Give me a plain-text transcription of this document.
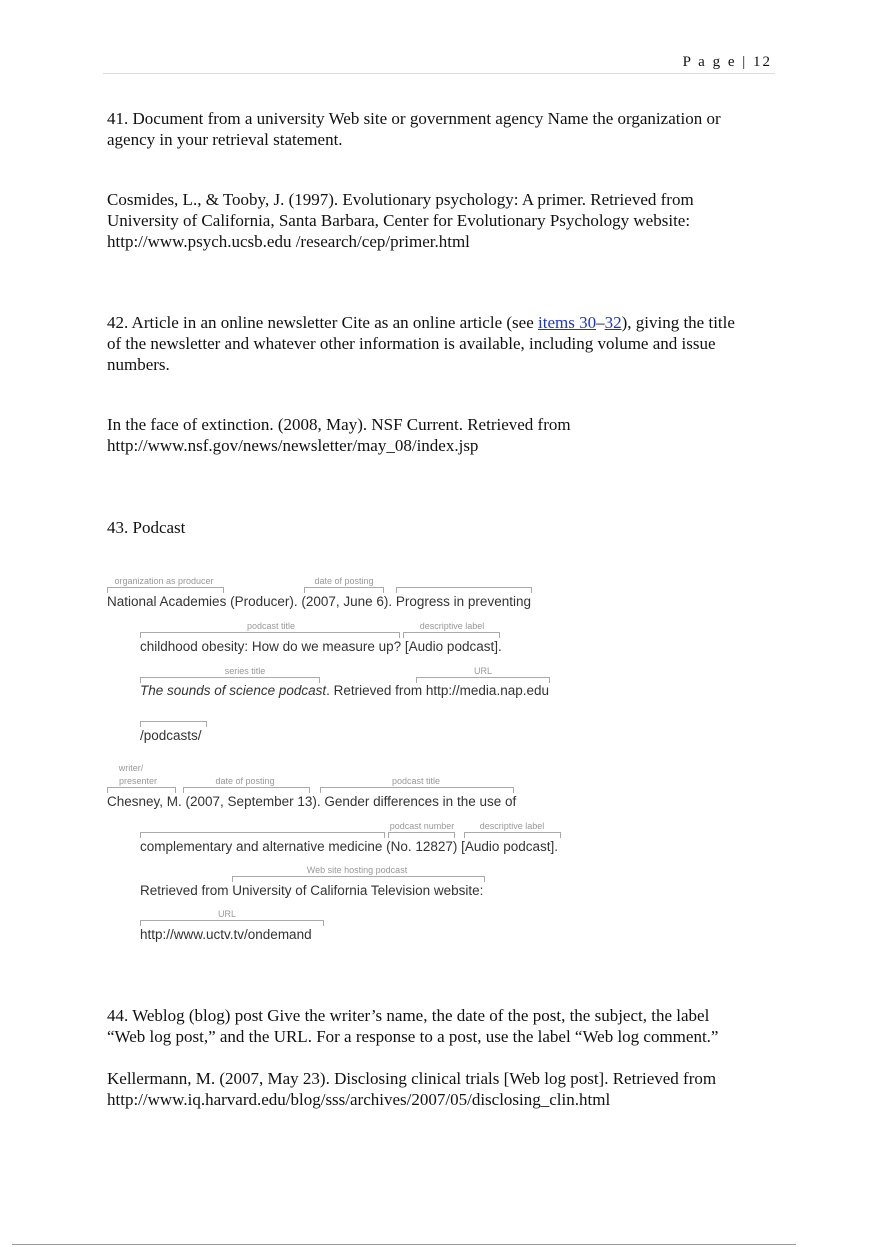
P a g e | 12
41. Document from a university Web site or government agency Name the organization or
agency in your retrieval statement.
Cosmides, L., & Tooby, J. (1997). Evolutionary psychology: A primer. Retrieved from
University of California, Santa Barbara, Center for Evolutionary Psychology website:
http://www.psych.ucsb.edu /research/cep/primer.html
42. Article in an online newsletter Cite as an online article (see items 30–32), giving the title
of the newsletter and whatever other information is available, including volume and issue
numbers.
In the face of extinction. (2008, May). NSF Current. Retrieved from
http://www.nsf.gov/news/newsletter/may_08/index.jsp
43. Podcast
organization as producer	date of posting
National Academies (Producer). (2007, June 6). Progress in preventing
podcast title	descriptive label
childhood obesity: How do we measure up? [Audio podcast].
series title	URL
The sounds of science podcast. Retrieved from http://media.nap.edu
/podcasts/
writer/
presenter	date of posting	podcast title
Chesney, M. (2007, September 13). Gender differences in the use of
podcast number	descriptive label
complementary and alternative medicine (No. 12827) [Audio podcast].
Web site hosting podcast
Retrieved from University of California Television website:
URL
http://www.uctv.tv/ondemand
44. Weblog (blog) post Give the writer’s name, the date of the post, the subject, the label
“Web log post,” and the URL. For a response to a post, use the label “Web log comment.”
Kellermann, M. (2007, May 23). Disclosing clinical trials [Web log post]. Retrieved from
http://www.iq.harvard.edu/blog/sss/archives/2007/05/disclosing_clin.html
